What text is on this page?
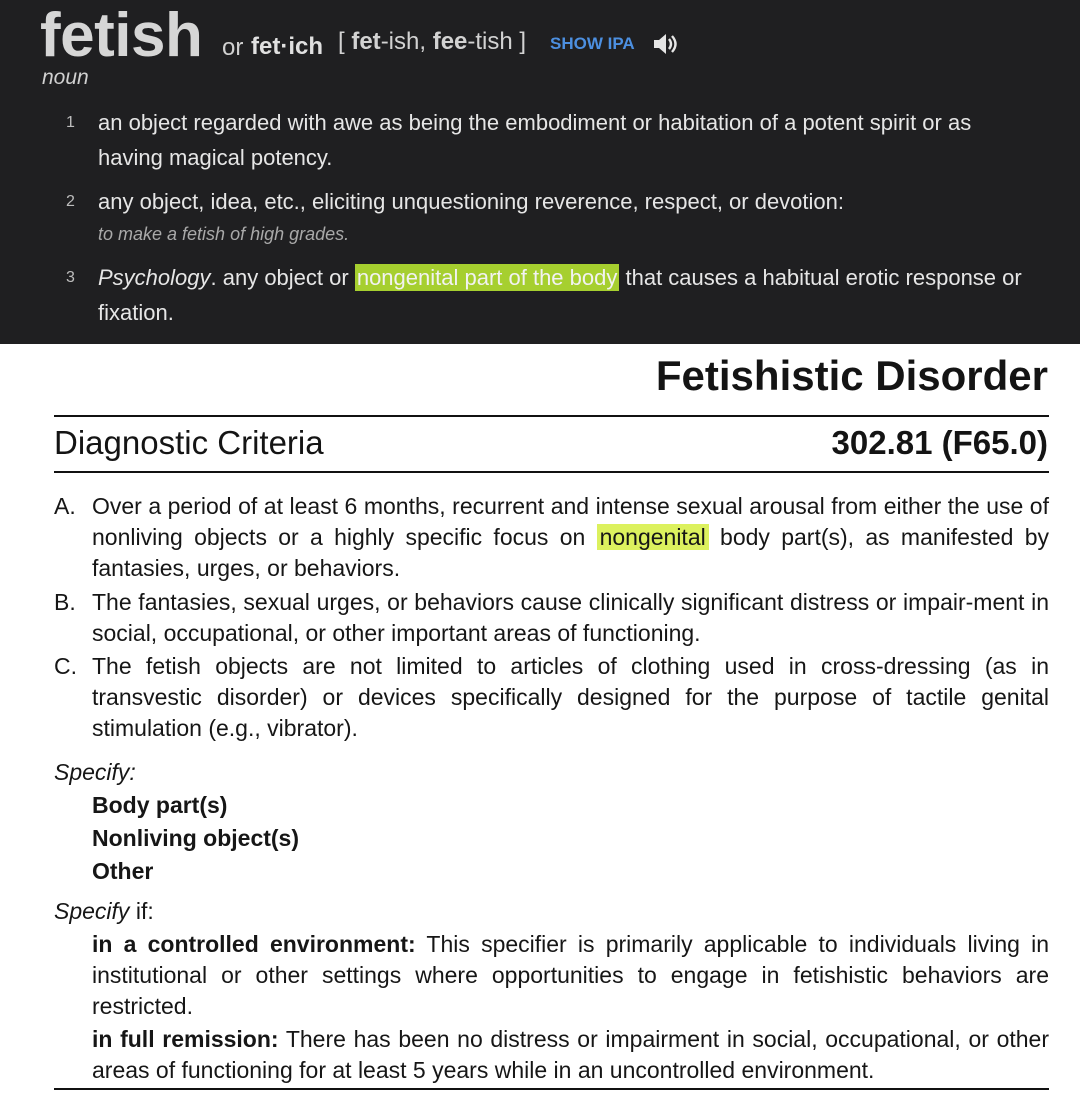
fetish or fet·ich [ fet-ish, fee-tish ] SHOW IPA
noun
1 an object regarded with awe as being the embodiment or habitation of a potent spirit or as having magical potency.
2 any object, idea, etc., eliciting unquestioning reverence, respect, or devotion:
to make a fetish of high grades.
3 Psychology. any object or nongenital part of the body that causes a habitual erotic response or fixation.
Fetishistic Disorder
Diagnostic Criteria	302.81 (F65.0)
A. Over a period of at least 6 months, recurrent and intense sexual arousal from either the use of nonliving objects or a highly specific focus on nongenital body part(s), as manifested by fantasies, urges, or behaviors.
B. The fantasies, sexual urges, or behaviors cause clinically significant distress or impair-ment in social, occupational, or other important areas of functioning.
C. The fetish objects are not limited to articles of clothing used in cross-dressing (as in transvestic disorder) or devices specifically designed for the purpose of tactile genital stimulation (e.g., vibrator).
Specify:
Body part(s)
Nonliving object(s)
Other
Specify if:
in a controlled environment: This specifier is primarily applicable to individuals living in institutional or other settings where opportunities to engage in fetishistic behaviors are restricted.
in full remission: There has been no distress or impairment in social, occupational, or other areas of functioning for at least 5 years while in an uncontrolled environment.
